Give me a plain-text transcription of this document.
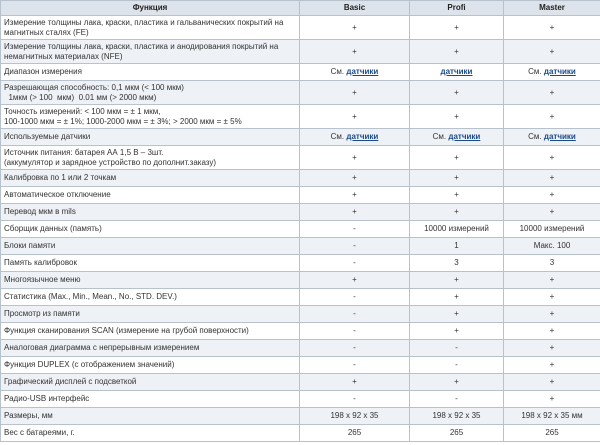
Функция	Basic	Profi	Master

Измерение толщины лака, краски, пластика и гальванических покрытий на
магнитных сталях (FE)	+	+	+

Измерение толщины лака, краски, пластика и анодирования покрытий на
немагнитных материалах (NFE)	+	+	+

Диапазон измерения	См. датчики	датчики	См. датчики

Разрешающая способность: 0,1 мкм (< 100 мкм)
1мкм (> 100  мкм)  0.01 мм (> 2000 мкм)	+	+	+

Точность измерений: < 100 мкм = ± 1 мкм,
100-1000 мкм = ± 1%; 1000-2000 мкм = ± 3%; > 2000 мкм = ± 5%	+	+	+

Используемые датчики	См. датчики	См. датчики	См. датчики

Источник питания: батарея АА 1,5 В – 3шт.
(аккумулятор и зарядное устройство по дополнит.заказу)	+	+	+

Калибровка по 1 или 2 точкам	+	+	+

Автоматическое отключение	+	+	+

Перевод мкм в mils	+	+	+

Сборщик данных (память)	-	10000 измерений	10000 измерений

Блоки памяти	-	1	Макс. 100

Память калибровок	-	3	3

Многоязычное меню	+	+	+

Статистика (Max., Min., Mean., No., STD. DEV.)	-	+	+

Просмотр из памяти	-	+	+

Функция сканирования SCAN (измерение на грубой поверхности)	-	+	+

Аналоговая диаграмма с непрерывным измерением	-	-	+

Функция DUPLEX (с отображением значений)	-	-	+

Графический дисплей с подсветкой	+	+	+

Радио-USB интерфейс	-	-	+

Размеры, мм	198 x 92 x 35	198 x 92 x 35	198 x 92 x 35 мм

Вес с батареями, г.	265	265	265
